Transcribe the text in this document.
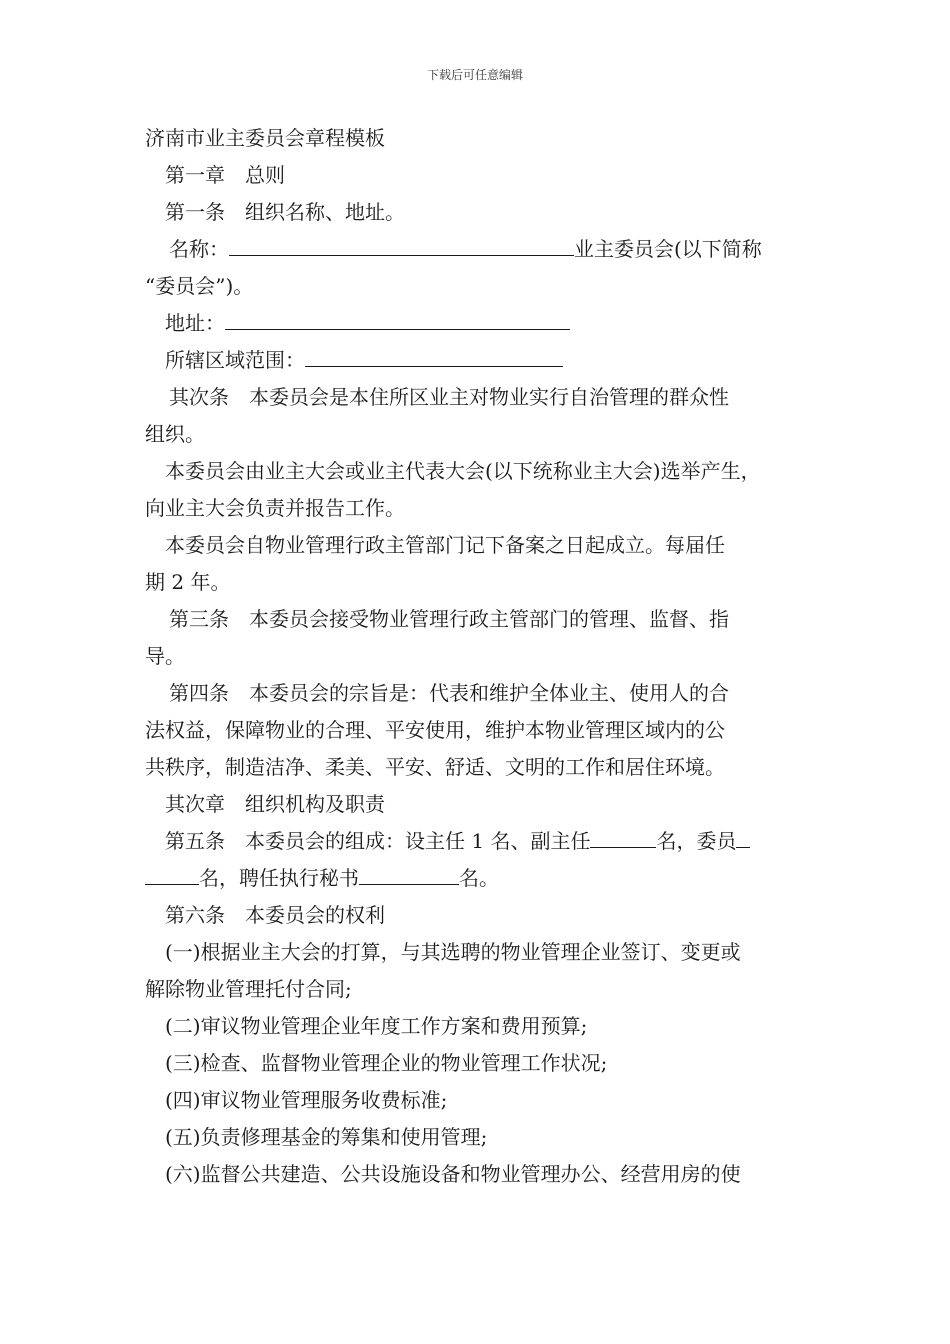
下载后可任意编辑
济南市业主委员会章程模板
第一章　总则
第一条　组织名称、地址。
名称：	业主委员会(以下简称
“委员会”)。
地址：
所辖区域范围：
其次条　本委员会是本住所区业主对物业实行自治管理的群众性
组织。
本委员会由业主大会或业主代表大会(以下统称业主大会)选举产生，
向业主大会负责并报告工作。
本委员会自物业管理行政主管部门记下备案之日起成立。每届任
期 2 年。
第三条　本委员会接受物业管理行政主管部门的管理、监督、指
导。
第四条　本委员会的宗旨是：代表和维护全体业主、使用人的合
法权益，保障物业的合理、平安使用，维护本物业管理区域内的公
共秩序，制造洁净、柔美、平安、舒适、文明的工作和居住环境。
其次章　组织机构及职责
第五条　本委员会的组成：设主任 1 名、副主任	名，委员
名，聘任执行秘书	名。
第六条　本委员会的权利
(一)根据业主大会的打算，与其选聘的物业管理企业签订、变更或
解除物业管理托付合同;
(二)审议物业管理企业年度工作方案和费用预算;
(三)检查、监督物业管理企业的物业管理工作状况;
(四)审议物业管理服务收费标准;
(五)负责修理基金的筹集和使用管理;
(六)监督公共建造、公共设施设备和物业管理办公、经营用房的使
